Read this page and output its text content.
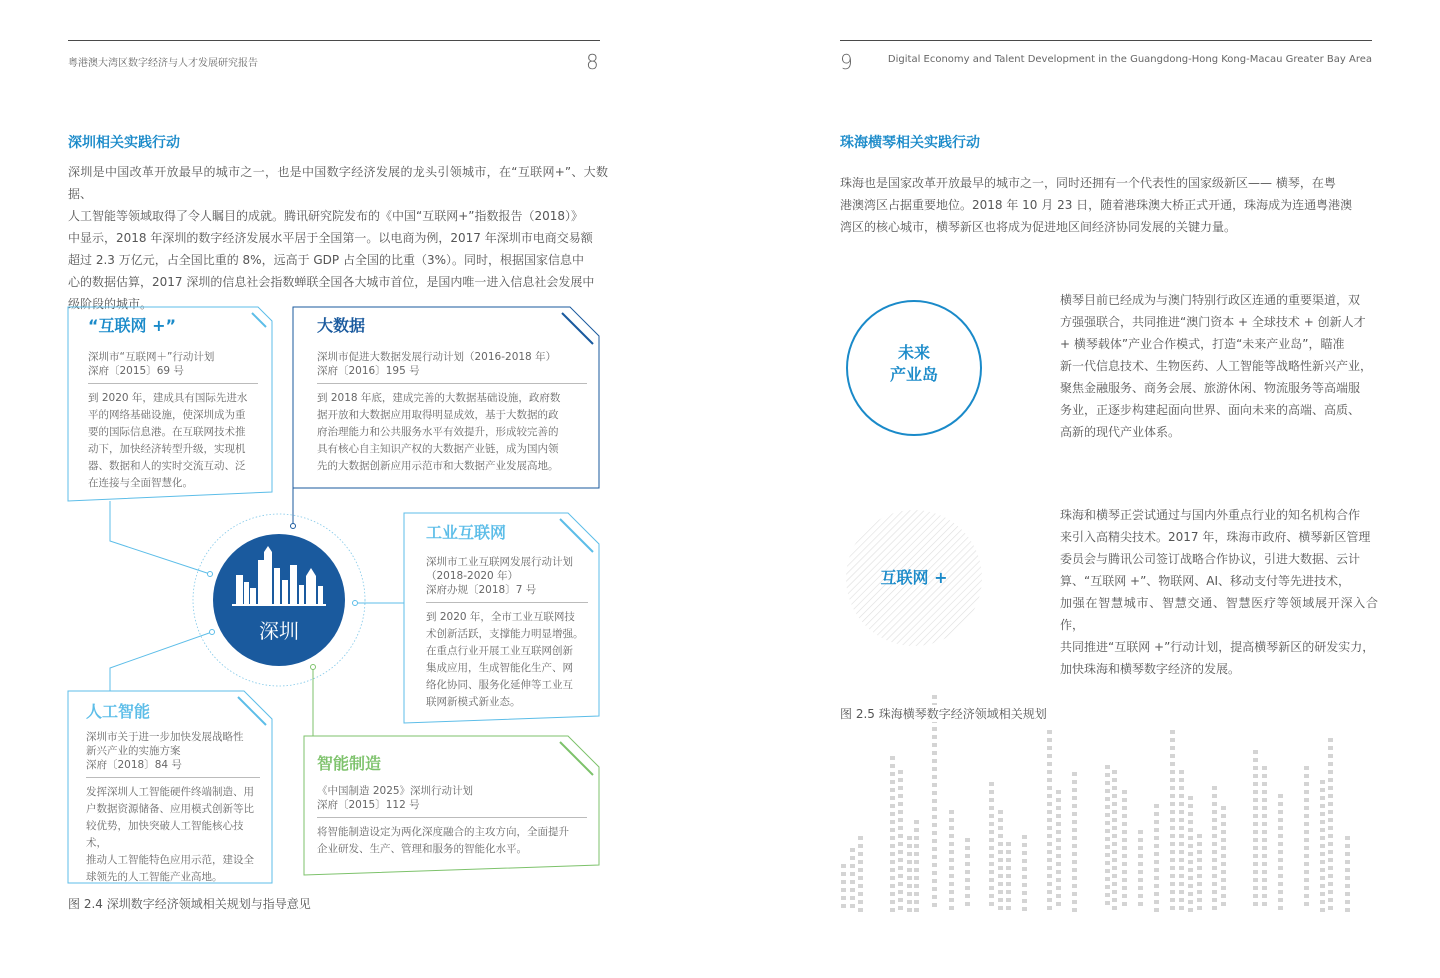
粤港澳大湾区数字经济与人才发展研究报告	8
深圳相关实践行动
深圳是中国改革开放最早的城市之一，也是中国数字经济发展的龙头引领城市，在“互联网+”、大数据、
人工智能等领域取得了令人瞩目的成就。腾讯研究院发布的《中国“互联网+”指数报告（2018）》
中显示，2018 年深圳的数字经济发展水平居于全国第一。以电商为例，2017 年深圳市电商交易额
超过 2.3 万亿元，占全国比重的 8%，远高于 GDP 占全国的比重（3%）。同时，根据国家信息中
心的数据估算，2017 深圳的信息社会指数蝉联全国各大城市首位，是国内唯一进入信息社会发展中
级阶段的城市。
深圳
“互联网 +”
深圳市“互联网＋”行动计划
深府〔2015〕69 号
到 2020 年，建成具有国际先进水
平的网络基础设施，使深圳成为重
要的国际信息港。在互联网技术推
动下，加快经济转型升级，实现机
器、数据和人的实时交流互动、泛
在连接与全面智慧化。
大数据
深圳市促进大数据发展行动计划（2016-2018 年）
深府〔2016〕195 号
到 2018 年底，建成完善的大数据基础设施，政府数
据开放和大数据应用取得明显成效，基于大数据的政
府治理能力和公共服务水平有效提升，形成较完善的
具有核心自主知识产权的大数据产业链，成为国内领
先的大数据创新应用示范市和大数据产业发展高地。
工业互联网
深圳市工业互联网发展行动计划
（2018-2020 年）
深府办规〔2018〕7 号
到 2020 年，全市工业互联网技
术创新活跃，支撑能力明显增强。
在重点行业开展工业互联网创新
集成应用，生成智能化生产、网
络化协同、服务化延伸等工业互
联网新模式新业态。
人工智能
深圳市关于进一步加快发展战略性
新兴产业的实施方案
深府〔2018〕84 号
发挥深圳人工智能硬件终端制造、用
户数据资源储备、应用模式创新等比
较优势，加快突破人工智能核心技术，
推动人工智能特色应用示范，建设全
球领先的人工智能产业高地。
智能制造
《中国制造 2025》深圳行动计划
深府〔2015〕112 号
将智能制造设定为两化深度融合的主攻方向，全面提升
企业研发、生产、管理和服务的智能化水平。
图 2.4 深圳数字经济领域相关规划与指导意见
9	Digital Economy and Talent Development in the Guangdong-Hong Kong-Macau Greater Bay Area
珠海横琴相关实践行动
珠海也是国家改革开放最早的城市之一，同时还拥有一个代表性的国家级新区—— 横琴，在粤
港澳湾区占据重要地位。2018 年 10 月 23 日，随着港珠澳大桥正式开通，珠海成为连通粤港澳
湾区的核心城市，横琴新区也将成为促进地区间经济协同发展的关键力量。
未来
产业岛
互联网 +
横琴目前已经成为与澳门特别行政区连通的重要渠道，双
方强强联合，共同推进“澳门资本 + 全球技术 + 创新人才
+ 横琴载体”产业合作模式，打造“未来产业岛”，瞄准
新一代信息技术、生物医药、人工智能等战略性新兴产业，
聚焦金融服务、商务会展、旅游休闲、物流服务等高端服
务业，正逐步构建起面向世界、面向未来的高端、高质、
高新的现代产业体系。
珠海和横琴正尝试通过与国内外重点行业的知名机构合作
来引入高精尖技术。2017 年，珠海市政府、横琴新区管理
委员会与腾讯公司签订战略合作协议，引进大数据、云计
算、“互联网 +”、物联网、AI、移动支付等先进技术，
加强在智慧城市、智慧交通、智慧医疗等领域展开深入合作，
共同推进“互联网 +”行动计划，提高横琴新区的研发实力，
加快珠海和横琴数字经济的发展。
图 2.5 珠海横琴数字经济领域相关规划
